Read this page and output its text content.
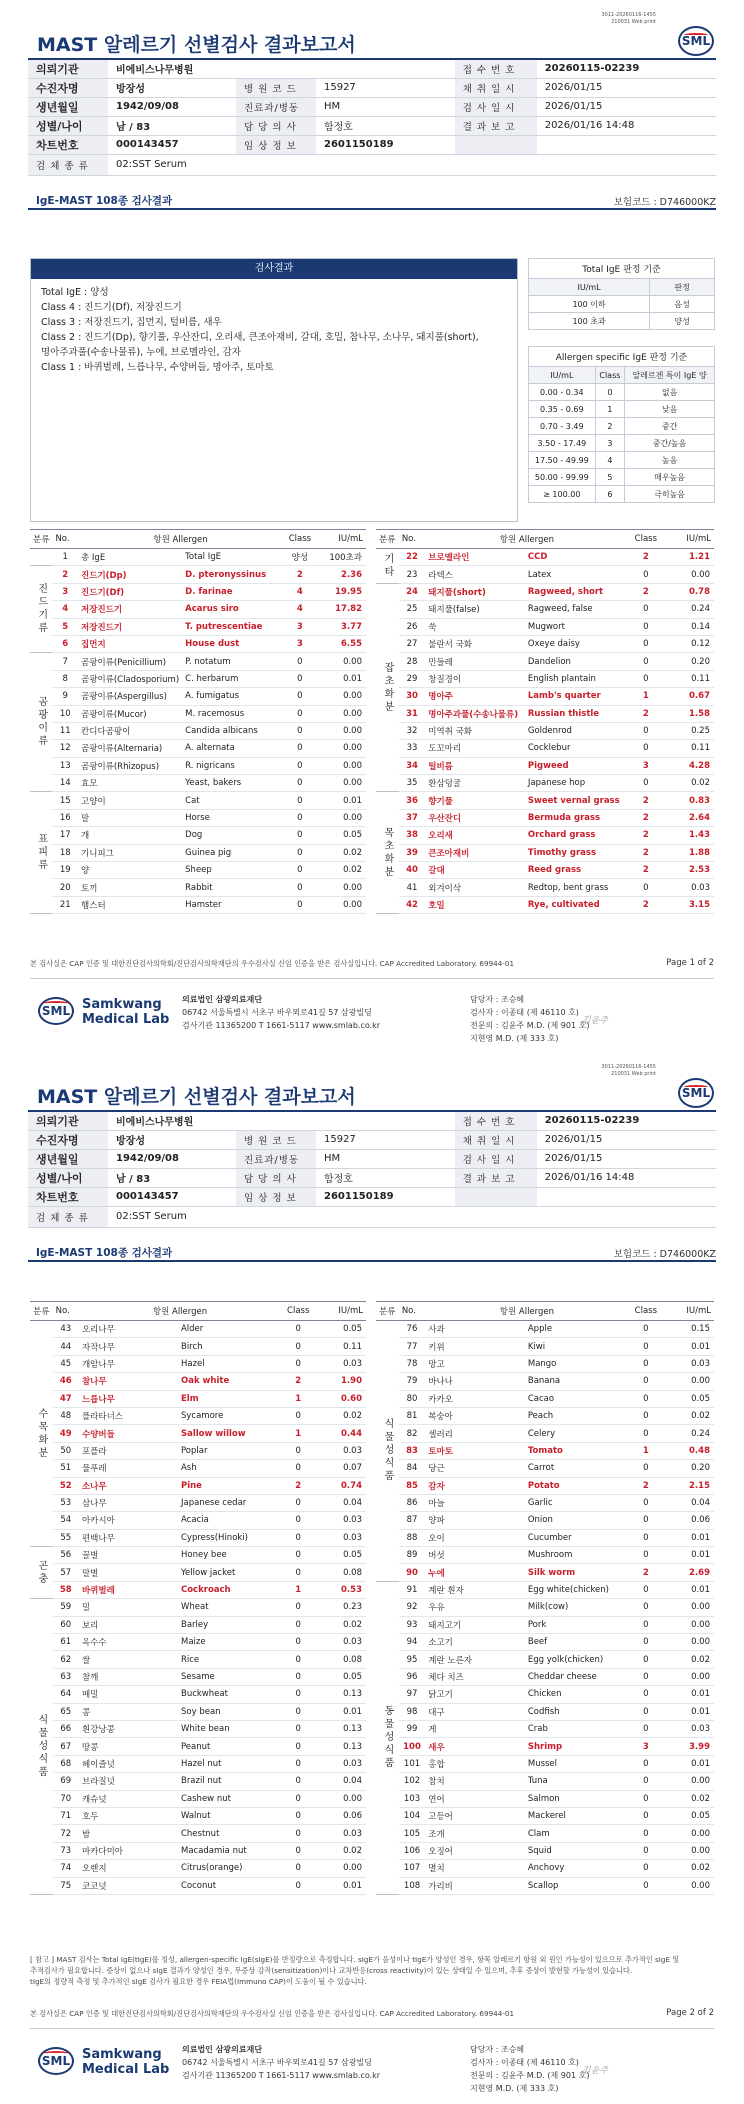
3011-20260116-1455
210031 Web print
MAST 알레르기 선별검사 결과보고서	SML
의뢰기관	비에비스나무병원			접 수 번 호	20260115-02239
수진자명	방장성	병 원 코 드	15927	채 취 일 시	2026/01/15
생년월일	1942/09/08	진료과/병동	HM	검 사 일 시	2026/01/15
성별/나이	남 / 83	담 당 의 사	함정호	결 과 보 고	2026/01/16 14:48
차트번호	000143457	임 상 정 보	2601150189		
검 체 종 류	02:SST Serum				
IgE-MAST 108종 검사결과	보험코드 : D746000KZ
3011-20260116-1455
210031 Web print
MAST 알레르기 선별검사 결과보고서	SML
의뢰기관	비에비스나무병원			접 수 번 호	20260115-02239
수진자명	방장성	병 원 코 드	15927	채 취 일 시	2026/01/15
생년월일	1942/09/08	진료과/병동	HM	검 사 일 시	2026/01/15
성별/나이	남 / 83	담 당 의 사	함정호	결 과 보 고	2026/01/16 14:48
차트번호	000143457	임 상 정 보	2601150189		
검 체 종 류	02:SST Serum				
IgE-MAST 108종 검사결과	보험코드 : D746000KZ
검사결과
Total IgE : 양성
Class 4 : 진드기(Df), 저장진드기
Class 3 : 저장진드기, 집먼지, 털비름, 새우
Class 2 : 진드기(Dp), 향기풀, 우산잔디, 오리새, 큰조아재비, 갈대, 호밀, 참나무, 소나무, 돼지풀(short),
명아주과풀(수송나물류), 누에, 브로멜라인, 감자
Class 1 : 바퀴벌레, 느릅나무, 수양버들, 명아주, 토마토
Total IgE 판정 기준	
IU/mL	판정
100 이하	음성
100 초과	양성
Allergen specific IgE 판정 기준		
IU/mL	Class	알레르겐 특이 IgE 양
0.00 - 0.34	0	없음
0.35 - 0.69	1	낮음
0.70 - 3.49	2	중간
3.50 - 17.49	3	중간/높음
17.50 - 49.99	4	높음
50.00 - 99.99	5	매우높음
≥ 100.00	6	극히높음
분류	No.	항원 Allergen		Class	IU/mL
	1	총 IgE	Total IgE	양성	100초과
진드기류	2	진드기(Dp)	D. pteronyssinus	2	2.36
	3	진드기(Df)	D. farinae	4	19.95
	4	저장진드기	Acarus siro	4	17.82
	5	저장진드기	T. putrescentiae	3	3.77
	6	집먼지	House dust	3	6.55
곰팡이류	7	곰팡이류(Penicillium)	P. notatum	0	0.00
	8	곰팡이류(Cladosporium)	C. herbarum	0	0.01
	9	곰팡이류(Aspergillus)	A. fumigatus	0	0.00
	10	곰팡이류(Mucor)	M. racemosus	0	0.00
	11	칸디다곰팡이	Candida albicans	0	0.00
	12	곰팡이류(Alternaria)	A. alternata	0	0.00
	13	곰팡이류(Rhizopus)	R. nigricans	0	0.00
	14	효모	Yeast, bakers	0	0.00
표피류	15	고양이	Cat	0	0.01
	16	말	Horse	0	0.00
	17	개	Dog	0	0.05
	18	기니피그	Guinea pig	0	0.02
	19	양	Sheep	0	0.02
	20	토끼	Rabbit	0	0.00
	21	햄스터	Hamster	0	0.00
분류	No.	항원 Allergen		Class	IU/mL
기타	22	브로멜라인	CCD	2	1.21
	23	라텍스	Latex	0	0.00
잡초화분	24	돼지풀(short)	Ragweed, short	2	0.78
	25	돼지풀(false)	Ragweed, false	0	0.24
	26	쑥	Mugwort	0	0.14
	27	불란서 국화	Oxeye daisy	0	0.12
	28	민들레	Dandelion	0	0.20
	29	창질경이	English plantain	0	0.11
	30	명아주	Lamb's quarter	1	0.67
	31	명아주과풀(수송나물류)	Russian thistle	2	1.58
	32	미역취 국화	Goldenrod	0	0.25
	33	도꼬마리	Cocklebur	0	0.11
	34	털비름	Pigweed	3	4.28
	35	환삼덩굴	Japanese hop	0	0.02
목초화분	36	향기풀	Sweet vernal grass	2	0.83
	37	우산잔디	Bermuda grass	2	2.64
	38	오리새	Orchard grass	2	1.43
	39	큰조아재비	Timothy grass	2	1.88
	40	갈대	Reed grass	2	2.53
	41	외겨이삭	Redtop, bent grass	0	0.03
	42	호밀	Rye, cultivated	2	3.15
본 검사실은 CAP 인증 및 대한진단검사의학회/진단검사의학재단의 우수검사실 신임 인증을 받은 검사실입니다. CAP Accredited Laboratory. 69944-01	Page 1 of 2
SML Samkwang
Medical Lab
의료법인 삼광의료재단
06742 서울특별시 서초구 바우뫼로41길 57 삼광빌딩
검사기관 11365200 T 1661-5117 www.smlab.co.kr
담당자 : 조승혜
검사자 : 이종태 (제 46110 호)
전문의 : 김윤주 M.D. (제 901 호)
지현영 M.D. (제 333 호)
김윤주
분류	No.	항원 Allergen		Class	IU/mL
수목화분	43	오리나무	Alder	0	0.05
	44	자작나무	Birch	0	0.11
	45	개암나무	Hazel	0	0.03
	46	참나무	Oak white	2	1.90
	47	느릅나무	Elm	1	0.60
	48	플라타너스	Sycamore	0	0.02
	49	수양버들	Sallow willow	1	0.44
	50	포플라	Poplar	0	0.03
	51	물푸레	Ash	0	0.07
	52	소나무	Pine	2	0.74
	53	삼나무	Japanese cedar	0	0.04
	54	아카시아	Acacia	0	0.03
	55	편백나무	Cypress(Hinoki)	0	0.03
곤충	56	꿀벌	Honey bee	0	0.05
	57	말벌	Yellow jacket	0	0.08
	58	바퀴벌레	Cockroach	1	0.53
식물성식품	59	밀	Wheat	0	0.23
	60	보리	Barley	0	0.02
	61	옥수수	Maize	0	0.03
	62	쌀	Rice	0	0.08
	63	참깨	Sesame	0	0.05
	64	메밀	Buckwheat	0	0.13
	65	콩	Soy bean	0	0.01
	66	흰강낭콩	White bean	0	0.13
	67	땅콩	Peanut	0	0.13
	68	헤이즐넛	Hazel nut	0	0.03
	69	브라질넛	Brazil nut	0	0.04
	70	캐슈넛	Cashew nut	0	0.00
	71	호두	Walnut	0	0.06
	72	밤	Chestnut	0	0.03
	73	마카다미아	Macadamia nut	0	0.02
	74	오렌지	Citrus(orange)	0	0.00
	75	코코넛	Coconut	0	0.01
분류	No.	항원 Allergen		Class	IU/mL
식물성식품	76	사과	Apple	0	0.15
	77	키위	Kiwi	0	0.01
	78	망고	Mango	0	0.03
	79	바나나	Banana	0	0.00
	80	카카오	Cacao	0	0.05
	81	복숭아	Peach	0	0.02
	82	셀러리	Celery	0	0.24
	83	토마토	Tomato	1	0.48
	84	당근	Carrot	0	0.20
	85	감자	Potato	2	2.15
	86	마늘	Garlic	0	0.04
	87	양파	Onion	0	0.06
	88	오이	Cucumber	0	0.01
	89	버섯	Mushroom	0	0.01
	90	누에	Silk worm	2	2.69
동물성식품	91	계란 흰자	Egg white(chicken)	0	0.01
	92	우유	Milk(cow)	0	0.00
	93	돼지고기	Pork	0	0.00
	94	소고기	Beef	0	0.00
	95	계란 노른자	Egg yolk(chicken)	0	0.02
	96	체다 치즈	Cheddar cheese	0	0.00
	97	닭고기	Chicken	0	0.01
	98	대구	Codfish	0	0.01
	99	게	Crab	0	0.03
	100	새우	Shrimp	3	3.99
	101	홍합	Mussel	0	0.01
	102	참치	Tuna	0	0.00
	103	연어	Salmon	0	0.02
	104	고등어	Mackerel	0	0.05
	105	조개	Clam	0	0.00
	106	오징어	Squid	0	0.00
	107	멸치	Anchovy	0	0.02
	108	가리비	Scallop	0	0.00
[ 참고 ] MAST 검사는 Total IgE(tIgE)를 정성, allergen-specific IgE(sIgE)를 반정량으로 측정합니다. sIgE가 음성이나 tIgE가 양성인 경우, 항목 알레르기 항원 외 원인 가능성이 있으므로 추가적인 sIgE 및
추적검사가 필요합니다. 증상이 없으나 sIgE 결과가 양성인 경우, 무증상 감작(sensitization)이나 교차반응(cross reactivity)이 있는 상태일 수 있으며, 추후 증상이 발현할 가능성이 있습니다.
tIgE의 정량적 측정 및 추가적인 sIgE 검사가 필요한 경우 FEIA법(Immuno CAP)이 도움이 될 수 있습니다.
본 검사실은 CAP 인증 및 대한진단검사의학회/진단검사의학재단의 우수검사실 신임 인증을 받은 검사실입니다. CAP Accredited Laboratory. 69944-01	Page 2 of 2
SML Samkwang
Medical Lab
의료법인 삼광의료재단
06742 서울특별시 서초구 바우뫼로41길 57 삼광빌딩
검사기관 11365200 T 1661-5117 www.smlab.co.kr
담당자 : 조승혜
검사자 : 이종태 (제 46110 호)
전문의 : 김윤주 M.D. (제 901 호)
지현영 M.D. (제 333 호)
김윤주
